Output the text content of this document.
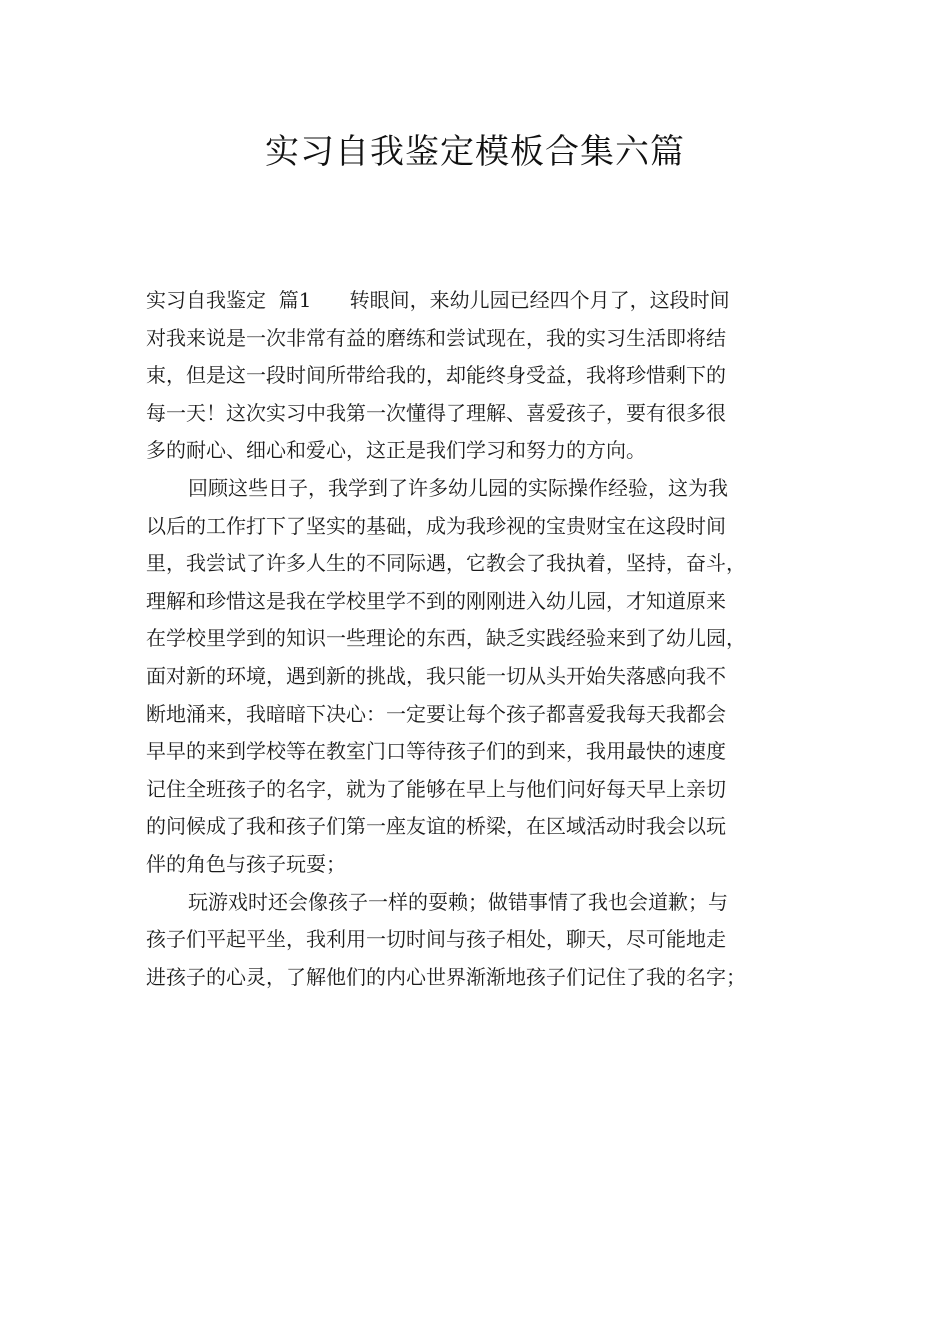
实习自我鉴定模板合集六篇
实习自我鉴定  篇1      转眼间，来幼儿园已经四个月了，这段时间
对我来说是一次非常有益的磨练和尝试现在，我的实习生活即将结
束，但是这一段时间所带给我的，却能终身受益，我将珍惜剩下的
每一天！这次实习中我第一次懂得了理解、喜爱孩子，要有很多很
多的耐心、细心和爱心，这正是我们学习和努力的方向。
回顾这些日子，我学到了许多幼儿园的实际操作经验，这为我
以后的工作打下了坚实的基础，成为我珍视的宝贵财宝在这段时间
里，我尝试了许多人生的不同际遇，它教会了我执着，坚持，奋斗，
理解和珍惜这是我在学校里学不到的刚刚进入幼儿园，才知道原来
在学校里学到的知识一些理论的东西，缺乏实践经验来到了幼儿园，
面对新的环境，遇到新的挑战，我只能一切从头开始失落感向我不
断地涌来，我暗暗下决心：一定要让每个孩子都喜爱我每天我都会
早早的来到学校等在教室门口等待孩子们的到来，我用最快的速度
记住全班孩子的名字，就为了能够在早上与他们问好每天早上亲切
的问候成了我和孩子们第一座友谊的桥梁，在区域活动时我会以玩
伴的角色与孩子玩耍；
玩游戏时还会像孩子一样的耍赖；做错事情了我也会道歉；与
孩子们平起平坐，我利用一切时间与孩子相处，聊天，尽可能地走
进孩子的心灵，了解他们的内心世界渐渐地孩子们记住了我的名字；
